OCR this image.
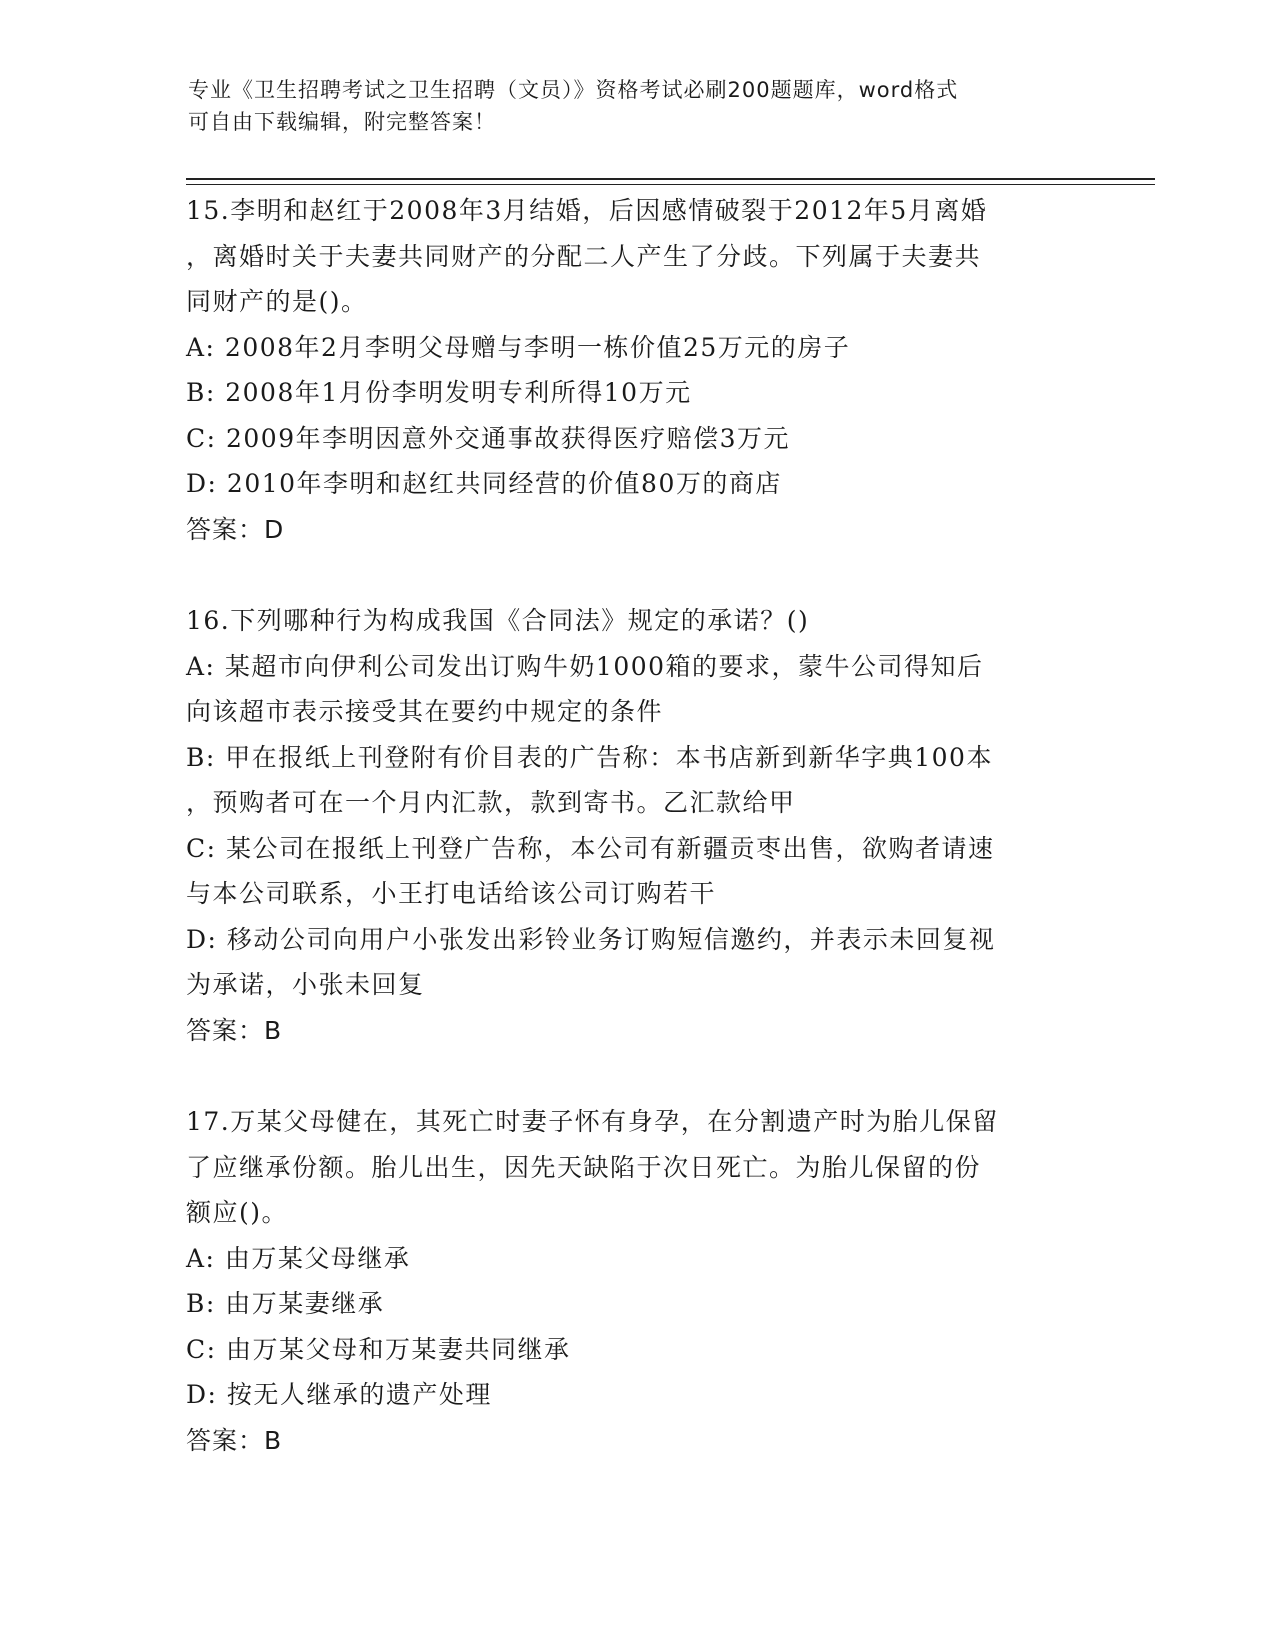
专业《卫生招聘考试之卫生招聘（文员）》资格考试必刷200题题库，word格式
可自由下载编辑，附完整答案！
15.李明和赵红于2008年3月结婚，后因感情破裂于2012年5月离婚
，离婚时关于夫妻共同财产的分配二人产生了分歧。下列属于夫妻共
同财产的是()。
A: 2008年2月李明父母赠与李明一栋价值25万元的房子
B: 2008年1月份李明发明专利所得10万元
C: 2009年李明因意外交通事故获得医疗赔偿3万元
D: 2010年李明和赵红共同经营的价值80万的商店
答案：D
16.下列哪种行为构成我国《合同法》规定的承诺？()
A: 某超市向伊利公司发出订购牛奶1000箱的要求，蒙牛公司得知后
向该超市表示接受其在要约中规定的条件
B: 甲在报纸上刊登附有价目表的广告称：本书店新到新华字典100本
，预购者可在一个月内汇款，款到寄书。乙汇款给甲
C: 某公司在报纸上刊登广告称，本公司有新疆贡枣出售，欲购者请速
与本公司联系，小王打电话给该公司订购若干
D: 移动公司向用户小张发出彩铃业务订购短信邀约，并表示未回复视
为承诺，小张未回复
答案：B
17.万某父母健在，其死亡时妻子怀有身孕，在分割遗产时为胎儿保留
了应继承份额。胎儿出生，因先天缺陷于次日死亡。为胎儿保留的份
额应()。
A: 由万某父母继承
B: 由万某妻继承
C: 由万某父母和万某妻共同继承
D: 按无人继承的遗产处理
答案：B
